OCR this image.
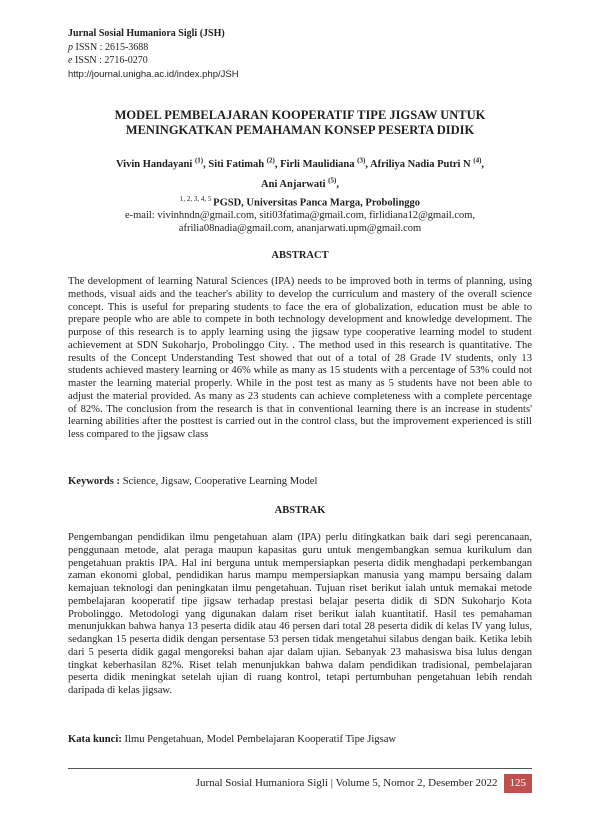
Jurnal Sosial Humaniora Sigli (JSH)
p ISSN : 2615-3688
e ISSN : 2716-0270
http://journal.unigha.ac.id/index.php/JSH
MODEL PEMBELAJARAN KOOPERATIF TIPE JIGSAW UNTUK
MENINGKATKAN PEMAHAMAN KONSEP PESERTA DIDIK
Vivin Handayani $^{(1)}$, Siti Fatimah $^{(2)}$, Firli Maulidiana $^{(3)}$, Afriliya Nadia Putri N $^{(4)}$,
Ani Anjarwati $^{(5)}$,
$^{1, 2, 3, 4, 5}$ PGSD, Universitas Panca Marga, Probolinggo
e-mail: vivinhndn@gmail.com, siti03fatima@gmail.com, firlidiana12@gmail.com,
afrilia08nadia@gmail.com, ananjarwati.upm@gmail.com
ABSTRACT

The development of learning Natural Sciences (IPA) needs to be improved both in terms of planning, using methods, visual aids and the teacher's ability to develop the curriculum and mastery of the overall science concept. This is useful for preparing students to face the era of globalization, education must be able to prepare people who are able to compete in both technology development and knowledge development. The purpose of this research is to apply learning using the jigsaw type cooperative learning model to student achievement at SDN Sukoharjo, Probolinggo City. . The method used in this research is quantitative. The results of the Concept Understanding Test showed that out of a total of 28 Grade IV students, only 13 students achieved mastery learning or 46% while as many as 15 students with a percentage of 53% could not master the learning material properly. While in the post test as many as 5 students have not been able to adjust the material provided. As many as 23 students can achieve completeness with a complete percentage of 82%. The conclusion from the research is that in conventional learning there is an increase in students' learning abilities after the posttest is carried out in the control class, but the improvement experienced is still less compared to the jigsaw class

Keywords : Science, Jigsaw, Cooperative Learning Model
ABSTRAK

Pengembangan pendidikan ilmu pengetahuan alam (IPA) perlu ditingkatkan baik dari segi perencanaan, penggunaan metode, alat peraga maupun kapasitas guru untuk mengembangkan semua kurikulum dan pengetahuan praktis IPA. Hal ini berguna untuk mempersiapkan peserta didik menghadapi perkembangan zaman ekonomi global, pendidikan harus mampu mempersiapkan manusia yang mampu bersaing dalam kemajuan teknologi dan peningkatan ilmu pengetahuan. Tujuan riset berikut ialah untuk memakai metode pembelajaran kooperatif tipe jigsaw terhadap prestasi belajar peserta didik di SDN Sukoharjo Kota Probolinggo. Metodologi yang digunakan dalam riset berikut ialah kuantitatif. Hasil tes pemahaman menunjukkan bahwa hanya 13 peserta didik atau 46 persen dari total 28 peserta didik di kelas IV yang lulus, sedangkan 15 peserta didik dengan persentase 53 persen tidak mengetahui silabus dengan baik. Ketika lebih dari 5 peserta didik gagal mengoreksi bahan ajar dalam ujian. Sebanyak 23 mahasiswa bisa lulus dengan tingkat keberhasilan 82%. Riset telah menunjukkan bahwa dalam pendidikan tradisional, pembelajaran peserta didik meningkat setelah ujian di ruang kontrol, tetapi pertumbuhan pengetahuan lebih rendah daripada di kelas jigsaw.

Kata kunci: Ilmu Pengetahuan, Model Pembelajaran Kooperatif Tipe Jigsaw
Jurnal Sosial Humaniora Sigli | Volume 5, Nomor 2, Desember 2022	125
